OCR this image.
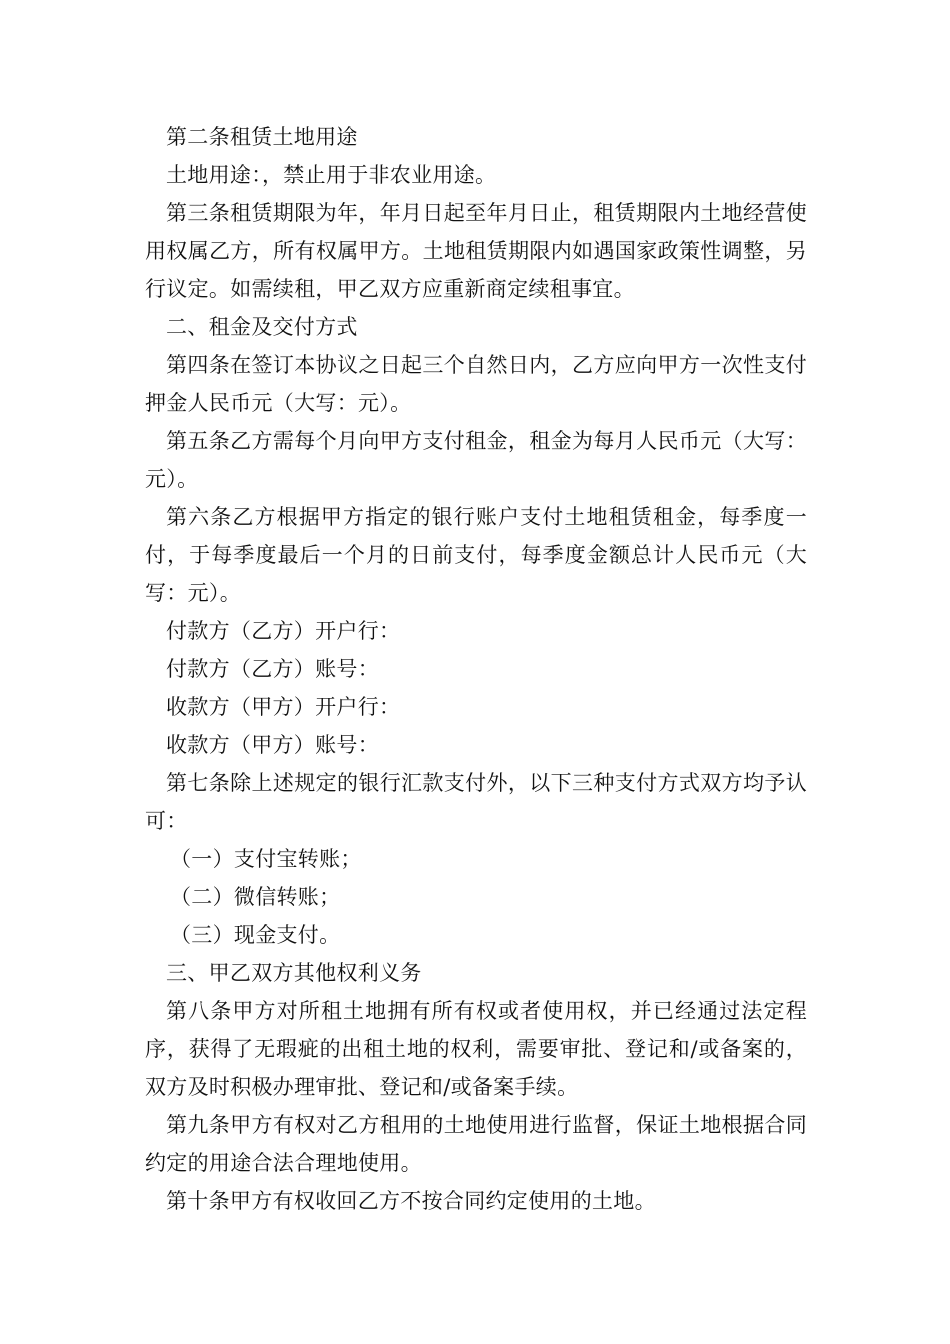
第二条租赁土地用途

土地用途：，禁止用于非农业用途。

第三条租赁期限为年，年月日起至年月日止，租赁期限内土地经营使用权属乙方，所有权属甲方。土地租赁期限内如遇国家政策性调整，另行议定。如需续租，甲乙双方应重新商定续租事宜。

二、租金及交付方式

第四条在签订本协议之日起三个自然日内，乙方应向甲方一次性支付押金人民币元（大写：元）。

第五条乙方需每个月向甲方支付租金，租金为每月人民币元（大写：元）。

第六条乙方根据甲方指定的银行账户支付土地租赁租金，每季度一付，于每季度最后一个月的日前支付，每季度金额总计人民币元（大写：元）。

付款方（乙方）开户行：

付款方（乙方）账号：

收款方（甲方）开户行：

收款方（甲方）账号：

第七条除上述规定的银行汇款支付外，以下三种支付方式双方均予认可：

（一）支付宝转账；

（二）微信转账；

（三）现金支付。

三、甲乙双方其他权利义务

第八条甲方对所租土地拥有所有权或者使用权，并已经通过法定程序，获得了无瑕疵的出租土地的权利，需要审批、登记和/或备案的，双方及时积极办理审批、登记和/或备案手续。

第九条甲方有权对乙方租用的土地使用进行监督，保证土地根据合同约定的用途合法合理地使用。

第十条甲方有权收回乙方不按合同约定使用的土地。
